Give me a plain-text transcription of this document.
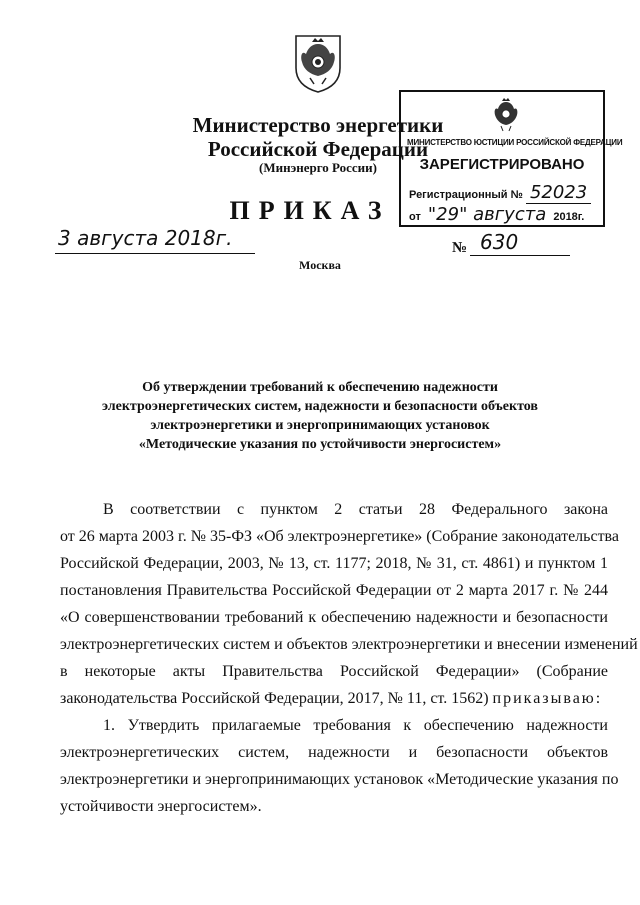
Министерство энергетики
Российской Федерации
(Минэнерго России)
ПРИКАЗ
МИНИСТЕРСТВО ЮСТИЦИИ РОССИЙСКОЙ ФЕДЕРАЦИИ
ЗАРЕГИСТРИРОВАНО
Регистрационный № 52023
от "29" августа 2018г.
3 августа 2018г.	№ 630
Москва
Об утверждении требований к обеспечению надежности
электроэнергетических систем, надежности и безопасности объектов
электроэнергетики и энергопринимающих установок
«Методические указания по устойчивости энергосистем»
В соответствии с пунктом 2 статьи 28 Федерального закона
от 26 марта 2003 г. № 35-ФЗ «Об электроэнергетике» (Собрание законодательства
Российской Федерации, 2003, № 13, ст. 1177; 2018, № 31, ст. 4861) и пунктом 1
постановления Правительства Российской Федерации от 2 марта 2017 г. № 244
«О совершенствовании требований к обеспечению надежности и безопасности
электроэнергетических систем и объектов электроэнергетики и внесении изменений
в некоторые акты Правительства Российской Федерации» (Собрание
законодательства Российской Федерации, 2017, № 11, ст. 1562) приказываю:
1. Утвердить прилагаемые требования к обеспечению надежности
электроэнергетических систем, надежности и безопасности объектов
электроэнергетики и энергопринимающих установок «Методические указания по
устойчивости энергосистем».
